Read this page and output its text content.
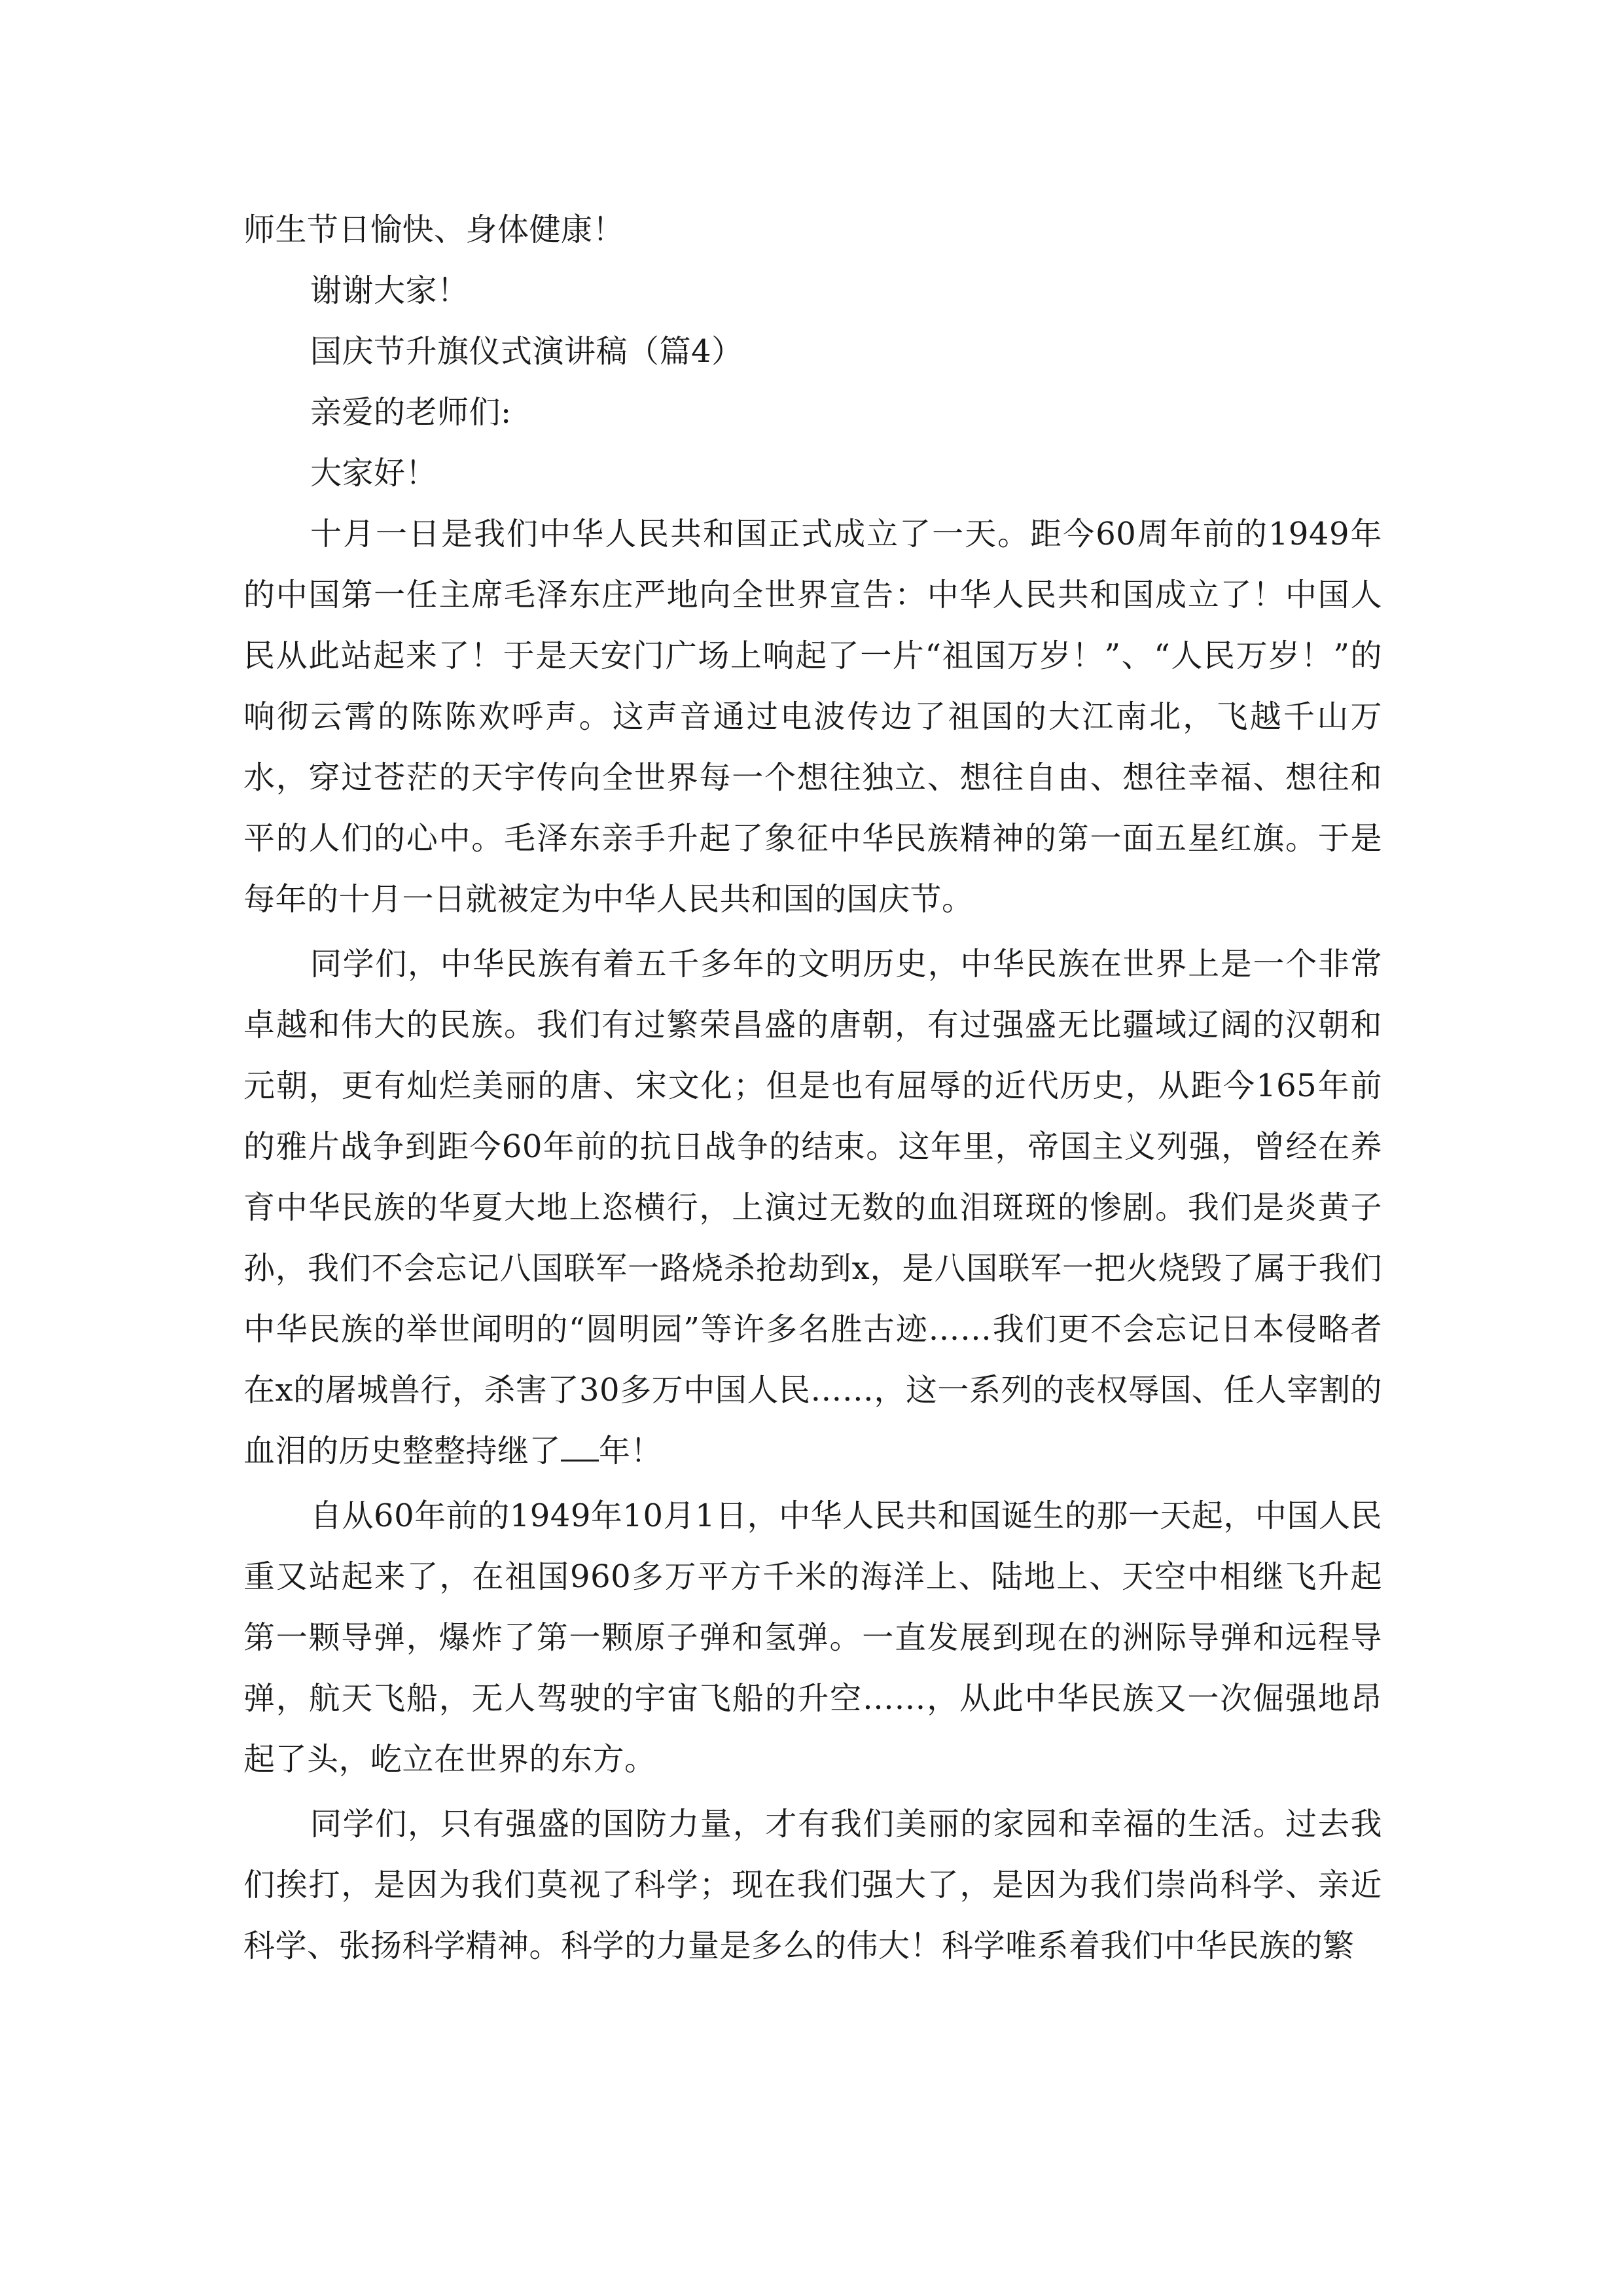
师生节日愉快、身体健康！

谢谢大家！

国庆节升旗仪式演讲稿（篇4）

亲爱的老师们:

大家好！

十月一日是我们中华人民共和国正式成立了一天。距今60周年前的1949年的中国第一任主席毛泽东庄严地向全世界宣告：中华人民共和国成立了！中国人民从此站起来了！于是天安门广场上响起了一片“祖国万岁！”、“人民万岁！”的响彻云霄的陈陈欢呼声。这声音通过电波传边了祖国的大江南北，飞越千山万水，穿过苍茫的天宇传向全世界每一个想往独立、想往自由、想往幸福、想往和平的人们的心中。毛泽东亲手升起了象征中华民族精神的第一面五星红旗。于是每年的十月一日就被定为中华人民共和国的国庆节。

同学们，中华民族有着五千多年的文明历史，中华民族在世界上是一个非常卓越和伟大的民族。我们有过繁荣昌盛的唐朝，有过强盛无比疆域辽阔的汉朝和元朝，更有灿烂美丽的唐、宋文化；但是也有屈辱的近代历史，从距今165年前的雅片战争到距今60年前的抗日战争的结束。这年里，帝国主义列强，曾经在养育中华民族的华夏大地上恣横行，上演过无数的血泪斑斑的惨剧。我们是炎黄子孙，我们不会忘记八国联军一路烧杀抢劫到x，是八国联军一把火烧毁了属于我们中华民族的举世闻明的“圆明园”等许多名胜古迹……我们更不会忘记日本侵略者在x的屠城兽行，杀害了30多万中国人民……，这一系列的丧权辱国、任人宰割的血泪的历史整整持继了 年！

自从60年前的1949年10月1日，中华人民共和国诞生的那一天起，中国人民重又站起来了，在祖国960多万平方千米的海洋上、陆地上、天空中相继飞升起第一颗导弹，爆炸了第一颗原子弹和氢弹。一直发展到现在的洲际导弹和远程导弹，航天飞船，无人驾驶的宇宙飞船的升空……，从此中华民族又一次倔强地昂起了头，屹立在世界的东方。

同学们，只有强盛的国防力量，才有我们美丽的家园和幸福的生活。过去我们挨打，是因为我们莫视了科学；现在我们强大了，是因为我们崇尚科学、亲近科学、张扬科学精神。科学的力量是多么的伟大！科学唯系着我们中华民族的繁
